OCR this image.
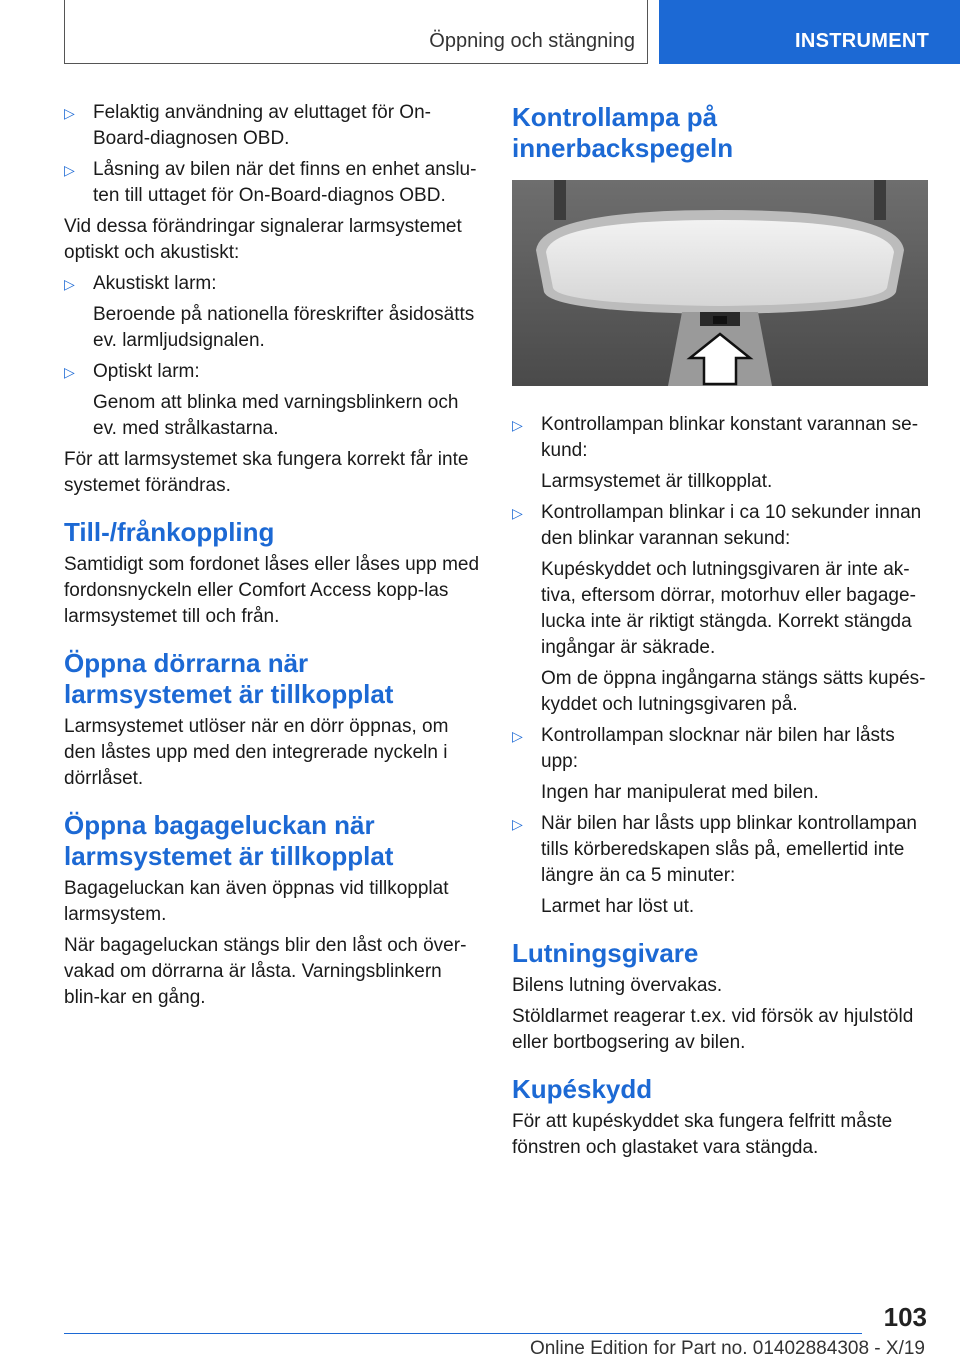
Öppning och stängning	INSTRUMENT
▷ Felaktig användning av eluttaget för On-Board-diagnosen OBD.

▷ Låsning av bilen när det finns en enhet anslu-ten till uttaget för On-Board-diagnos OBD.

Vid dessa förändringar signalerar larmsystemet optiskt och akustiskt:

▷ Akustiskt larm:

Beroende på nationella föreskrifter åsidosätts ev. larmljudsignalen.

▷ Optiskt larm:

Genom att blinka med varningsblinkern och ev. med strålkastarna.

För att larmsystemet ska fungera korrekt får inte systemet förändras.

Till-/frånkoppling

Samtidigt som fordonet låses eller låses upp med fordonsnyckeln eller Comfort Access kopp-las larmsystemet till och från.

Öppna dörrarna när larmsystemet är tillkopplat

Larmsystemet utlöser när en dörr öppnas, om den låstes upp med den integrerade nyckeln i dörrlåset.

Öppna bagageluckan när larmsystemet är tillkopplat

Bagageluckan kan även öppnas vid tillkopplat larmsystem.

När bagageluckan stängs blir den låst och över-vakad om dörrarna är låsta. Varningsblinkern blin-kar en gång.

Kontrollampa på innerbackspegeln
▷ Kontrollampan blinkar konstant varannan se-kund:

Larmsystemet är tillkopplat.

▷ Kontrollampan blinkar i ca 10 sekunder innan den blinkar varannan sekund:

Kupéskyddet och lutningsgivaren är inte ak-tiva, eftersom dörrar, motorhuv eller bagage-lucka inte är riktigt stängda. Korrekt stängda ingångar är säkrade.

Om de öppna ingångarna stängs sätts kupés-kyddet och lutningsgivaren på.

▷ Kontrollampan slocknar när bilen har låsts upp:

Ingen har manipulerat med bilen.

▷ När bilen har låsts upp blinkar kontrollampan tills körberedskapen slås på, emellertid inte längre än ca 5 minuter:

Larmet har löst ut.

Lutningsgivare

Bilens lutning övervakas.

Stöldlarmet reagerar t.ex. vid försök av hjulstöld eller bortbogsering av bilen.

Kupéskydd

För att kupéskyddet ska fungera felfritt måste fönstren och glastaket vara stängda.

103
Online Edition for Part no. 01402884308 - X/19
